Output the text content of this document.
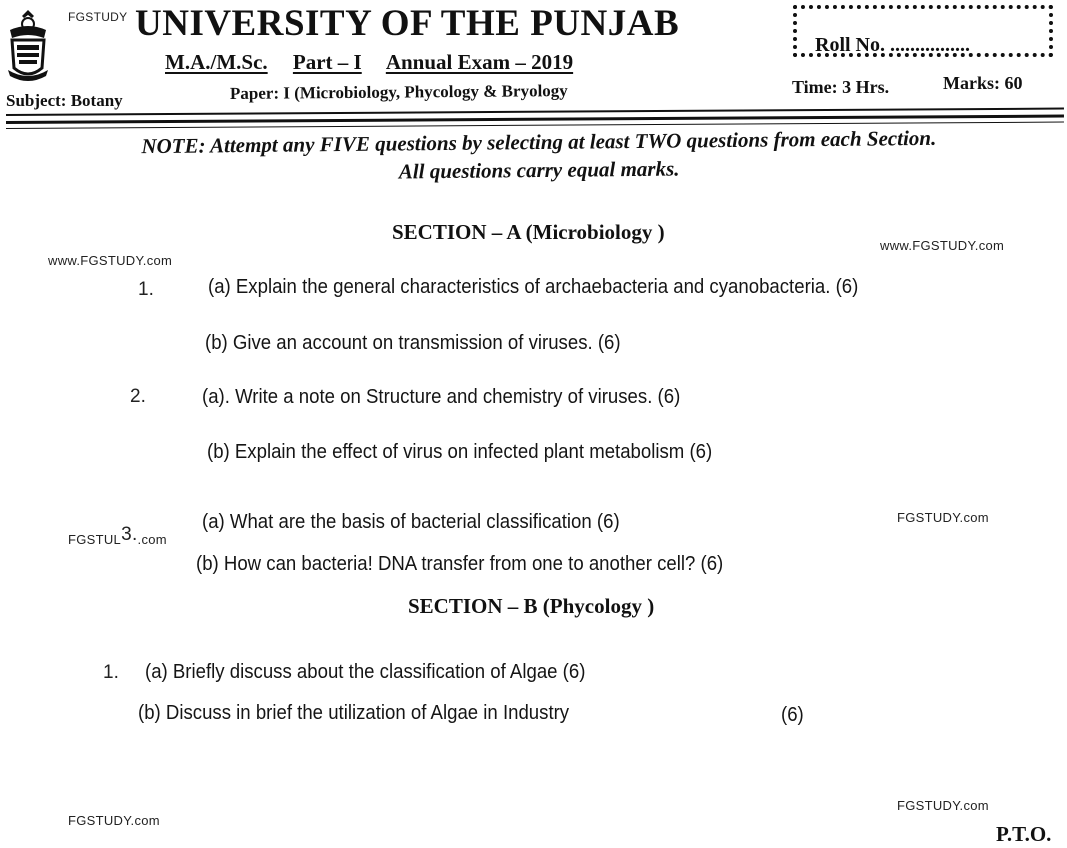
FGSTUDY UNIVERSITY OF THE PUNJAB
M.A./M.Sc. Part – I Annual Exam – 2019
Subject: Botany	Paper: I (Microbiology, Phycology & Bryology
Roll No. ................
Time: 3 Hrs.	Marks: 60
NOTE: Attempt any FIVE questions by selecting at least TWO questions from each Section.
All questions carry equal marks.
SECTION – A (Microbiology )
www.FGSTUDY.com
www.FGSTUDY.com
1.	(a) Explain the general characteristics of archaebacteria and cyanobacteria. (6)
(b) Give an account on transmission of viruses. (6)
2.	(a). Write a note on Structure and chemistry of viruses. (6)
(b) Explain the effect of virus on infected plant metabolism (6)
FGSTUL3..com
(a) What are the basis of bacterial classification (6)	FGSTUDY.com
(b) How can bacteria! DNA transfer from one to another cell? (6)
SECTION – B (Phycology )
1. (a) Briefly discuss about the classification of Algae (6)
(b) Discuss in brief the utilization of Algae in Industry	(6)
FGSTUDY.com
FGSTUDY.com
P.T.O.
